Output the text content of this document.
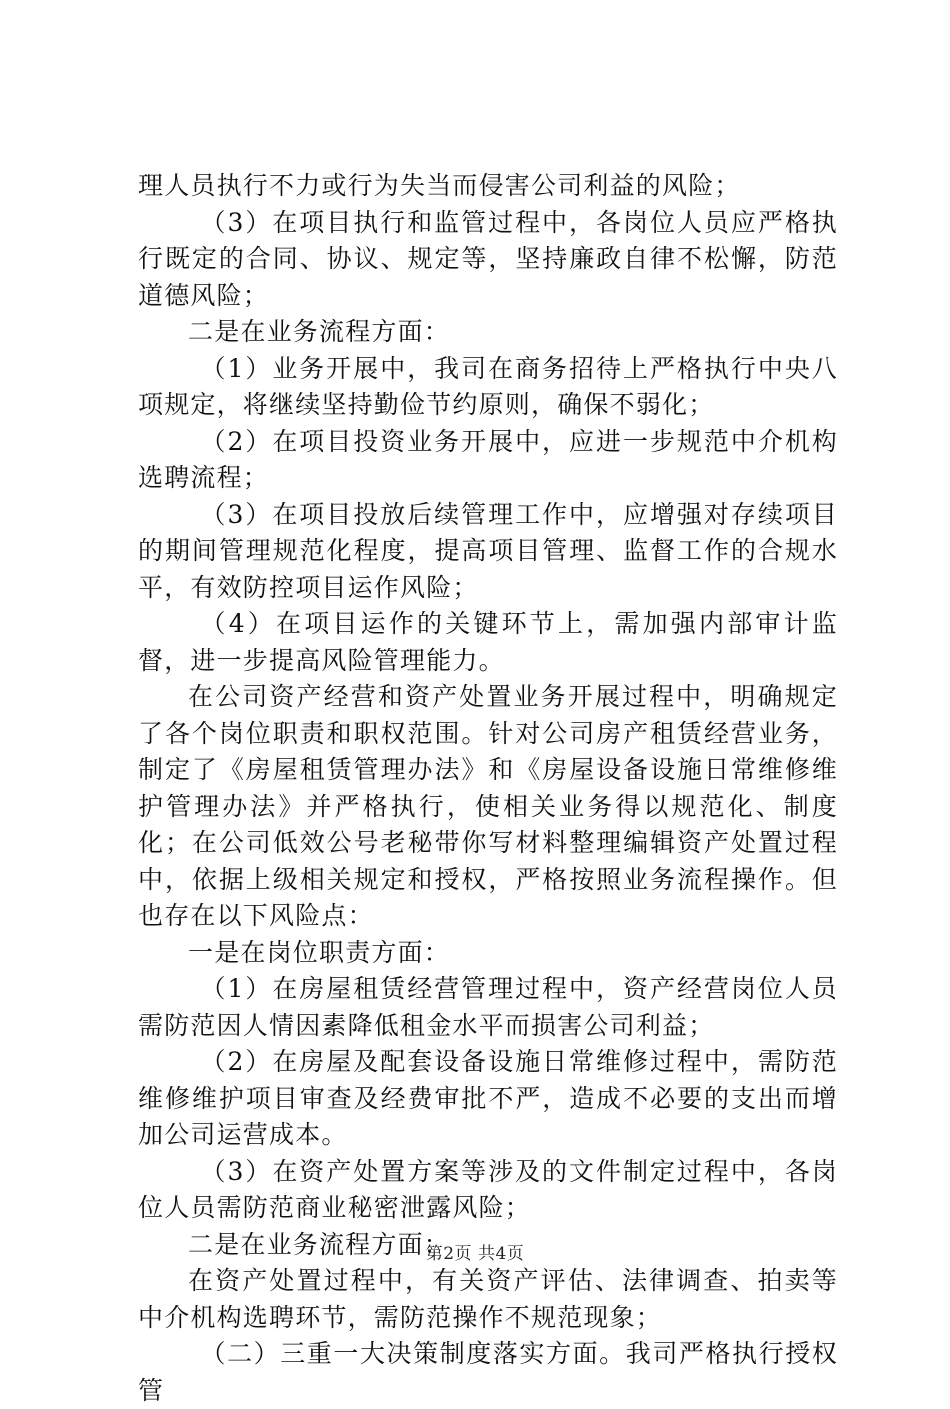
理人员执行不力或行为失当而侵害公司利益的风险；

（3）在项目执行和监管过程中，各岗位人员应严格执行既定的合同、协议、规定等，坚持廉政自律不松懈，防范道德风险；

二是在业务流程方面：

（1）业务开展中，我司在商务招待上严格执行中央八项规定，将继续坚持勤俭节约原则，确保不弱化；

（2）在项目投资业务开展中，应进一步规范中介机构选聘流程；

（3）在项目投放后续管理工作中，应增强对存续项目的期间管理规范化程度，提高项目管理、监督工作的合规水平，有效防控项目运作风险；

（4）在项目运作的关键环节上，需加强内部审计监督，进一步提高风险管理能力。

在公司资产经营和资产处置业务开展过程中，明确规定了各个岗位职责和职权范围。针对公司房产租赁经营业务，制定了《房屋租赁管理办法》和《房屋设备设施日常维修维护管理办法》并严格执行，使相关业务得以规范化、制度化；在公司低效公号老秘带你写材料整理编辑资产处置过程中，依据上级相关规定和授权，严格按照业务流程操作。但也存在以下风险点：

一是在岗位职责方面：

（1）在房屋租赁经营管理过程中，资产经营岗位人员需防范因人情因素降低租金水平而损害公司利益；

（2）在房屋及配套设备设施日常维修过程中，需防范维修维护项目审查及经费审批不严，造成不必要的支出而增加公司运营成本。

（3）在资产处置方案等涉及的文件制定过程中，各岗位人员需防范商业秘密泄露风险；

二是在业务流程方面：

在资产处置过程中，有关资产评估、法律调查、拍卖等中介机构选聘环节，需防范操作不规范现象；

（二）三重一大决策制度落实方面。我司严格执行授权管

第2页 共4页
